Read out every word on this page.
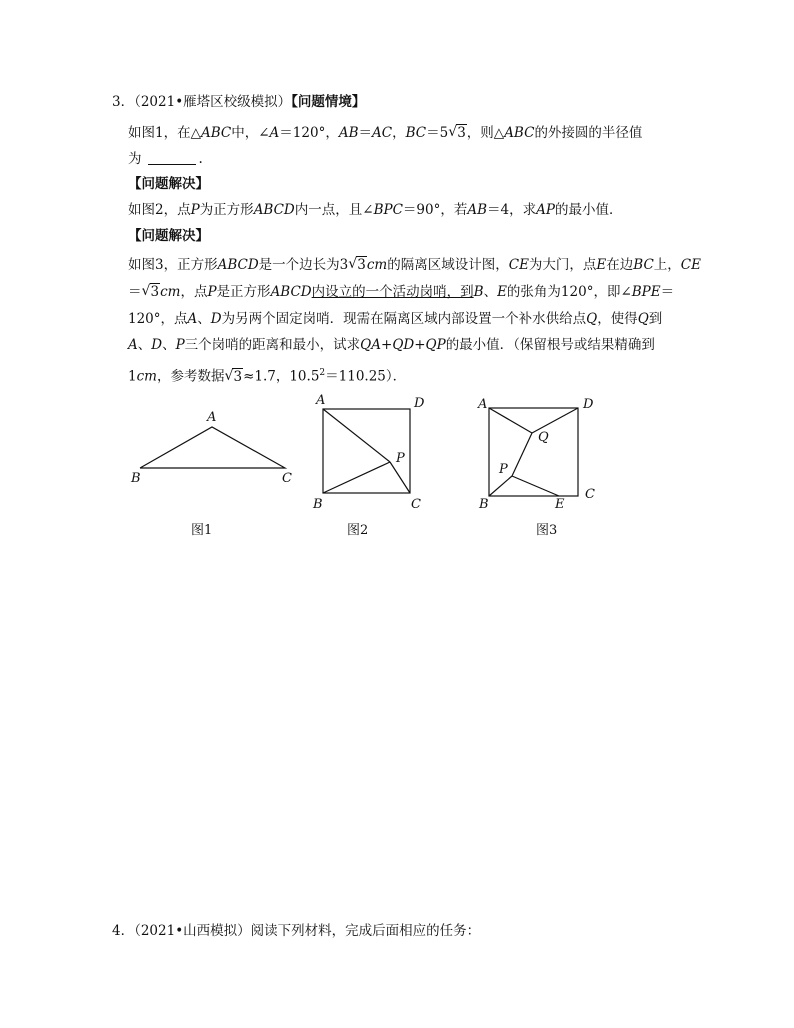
3．（2021•雁塔区校级模拟）【问题情境】
如图1，在△ABC中，∠A＝120°，AB＝AC，BC＝5 √ 3，则△ABC的外接圆的半径值
为	.
【问题解决】
如图2，点P为正方形ABCD内一点，且∠BPC＝90°，若AB＝4，求AP的最小值．
【问题解决】
如图3，正方形ABCD是一个边长为3 √ 3cm的隔离区域设计图，CE为大门，点E在边BC上，CE
＝ √ 3cm，点P是正方形ABCD内设立的一个活动岗哨，到B、E的张角为120°，即∠BPE＝
120°，点A、D为另两个固定岗哨．现需在隔离区域内部设置一个补水供给点Q，使得Q到
A、D、P三个岗哨的距离和最小，试求QA+QD+QP的最小值．（保留根号或结果精确到
1cm，参考数据 √ 3≈1.7，$10.5^2=110.25$）．
A
B	C
图1
A	D
P
B	C
图2
A	D
Q
P
C
B	E
图3
4．（2021•山西模拟）阅读下列材料，完成后面相应的任务：
